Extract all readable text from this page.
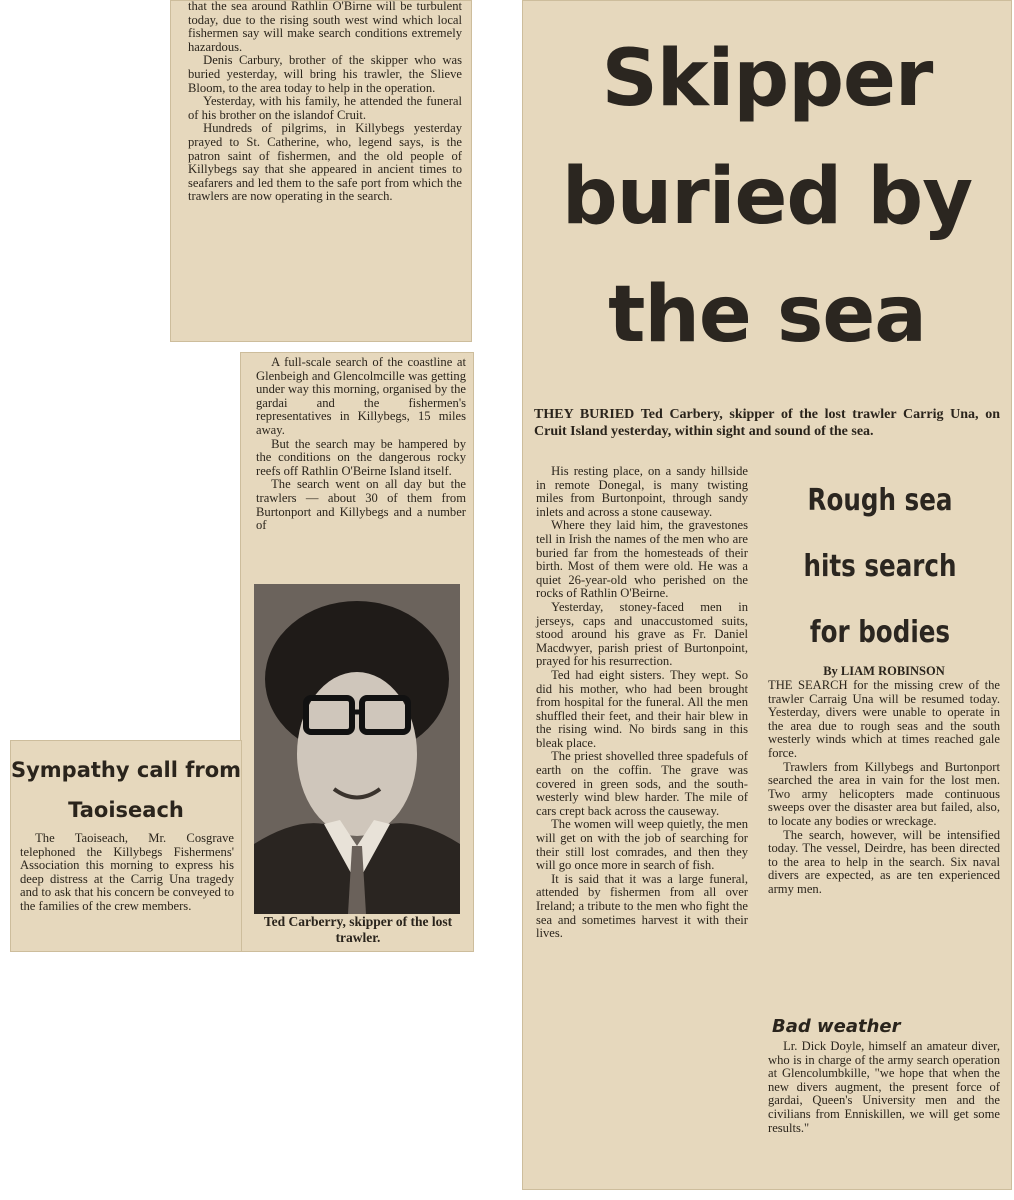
that the sea around Rathlin O'Birne will be turbulent today, due to the rising south west wind which local fishermen say will make search conditions extremely hazardous.

Denis Carbury, brother of the skipper who was buried yesterday, will bring his trawler, the Slieve Bloom, to the area today to help in the operation.

Yesterday, with his family, he attended the funeral of his brother on the islandof Cruit.

Hundreds of pilgrims, in Killybegs yesterday prayed to St. Catherine, who, legend says, is the patron saint of fishermen, and the old people of Killybegs say that she appeared in ancient times to seafarers and led them to the safe port from which the trawlers are now operating in the search.

A full-scale search of the coastline at Glenbeigh and Glencolmcille was getting under way this morning, organised by the gardai and the fishermen's representatives in Killybegs, 15 miles away.

But the search may be hampered by the conditions on the dangerous rocky reefs off Rathlin O'Beirne Island itself.

The search went on all day but the trawlers — about 30 of them from Burtonport and Killybegs and a number of

Ted Carberry, skipper of the lost trawler.
Sympathy call from Taoiseach

The Taoiseach, Mr. Cosgrave telephoned the Killybegs Fishermens' Association this morning to express his deep distress at the Carrig Una tragedy and to ask that his concern be conveyed to the families of the crew members.

Skipper buried by the sea
THEY BURIED Ted Carbery, skipper of the lost trawler Carrig Una, on Cruit Island yesterday, within sight and sound of the sea.

His resting place, on a sandy hillside in remote Donegal, is many twisting miles from Burtonpoint, through sandy inlets and across a stone causeway.

Where they laid him, the gravestones tell in Irish the names of the men who are buried far from the homesteads of their birth. Most of them were old. He was a quiet 26-year-old who perished on the rocks of Rathlin O'Beirne.

Yesterday, stoney-faced men in jerseys, caps and unaccustomed suits, stood around his grave as Fr. Daniel Macdwyer, parish priest of Burtonpoint, prayed for his resurrection.

Ted had eight sisters. They wept. So did his mother, who had been brought from hospital for the funeral. All the men shuffled their feet, and their hair blew in the rising wind. No birds sang in this bleak place.

The priest shovelled three spadefuls of earth on the coffin. The grave was covered in green sods, and the south-westerly wind blew harder. The mile of cars crept back across the causeway.

The women will weep quietly, the men will get on with the job of searching for their still lost comrades, and then they will go once more in search of fish.

It is said that it was a large funeral, attended by fishermen from all over Ireland; a tribute to the men who fight the sea and sometimes harvest it with their lives.

Rough sea
hits search
for bodies
By LIAM ROBINSON

THE SEARCH for the missing crew of the trawler Carraig Una will be resumed today. Yesterday, divers were unable to operate in the area due to rough seas and the south westerly winds which at times reached gale force.

Trawlers from Killybegs and Burtonport searched the area in vain for the lost men. Two army helicopters made continuous sweeps over the disaster area but failed, also, to locate any bodies or wreckage.

The search, however, will be intensified today. The vessel, Deirdre, has been directed to the area to help in the search. Six naval divers are expected, as are ten experienced army men.

Bad weather

Lr. Dick Doyle, himself an amateur diver, who is in charge of the army search operation at Glencolumbkille, "we hope that when the new divers augment, the present force of gardai, Queen's University men and the civilians from Enniskillen, we will get some results."
